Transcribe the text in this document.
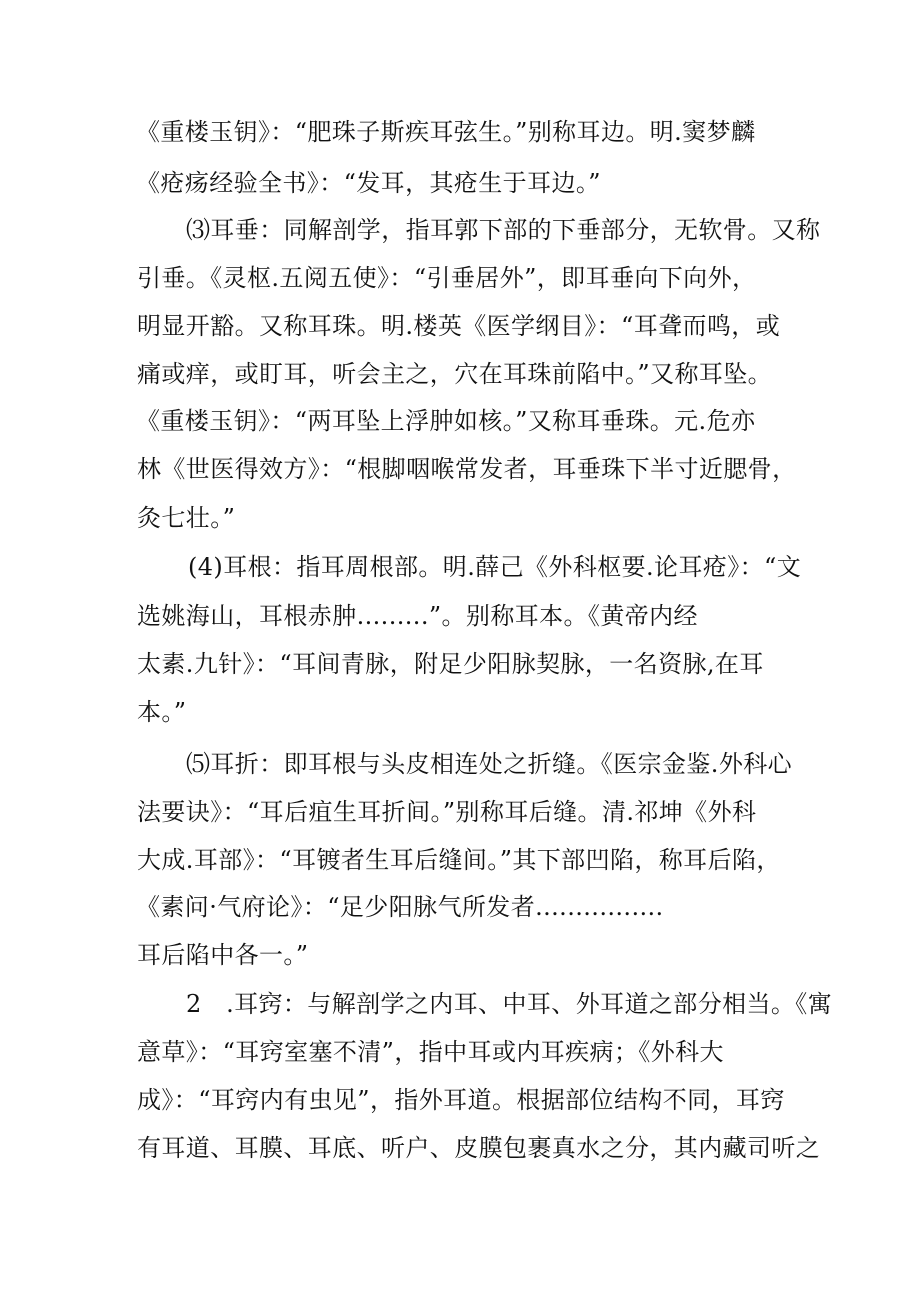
《重楼玉钥》：“肥珠子斯疾耳弦生。”别称耳边。明.窦梦麟
《疮疡经验全书》：“发耳，其疮生于耳边。”
⑶耳垂：同解剖学，指耳郭下部的下垂部分，无软骨。又称
引垂。《灵枢.五阅五使》：“引垂居外”，即耳垂向下向外，
明显开豁。又称耳珠。明.楼英《医学纲目》：“耳聋而鸣，或
痛或痒，或盯耳，听会主之，穴在耳珠前陷中。”又称耳坠。
《重楼玉钥》：“两耳坠上浮肿如核。”又称耳垂珠。元.危亦
林《世医得效方》：“根脚咽喉常发者，耳垂珠下半寸近腮骨，
灸七壮。”
(4)耳根：指耳周根部。明.薛己《外科枢要.论耳疮》：“文
选姚海山，耳根赤肿.........”。别称耳本。《黄帝内经
太素.九针》：“耳间青脉，附足少阳脉契脉，一名资脉,在耳
本。”
⑸耳折：即耳根与头皮相连处之折缝。《医宗金鉴.外科心
法要诀》：“耳后疽生耳折间。”别称耳后缝。清.祁坤《外科
大成.耳部》：“耳镀者生耳后缝间。”其下部凹陷，称耳后陷，
《素问·气府论》：“足少阳脉气所发者................
耳后陷中各一。”
2　.耳窍：与解剖学之内耳、中耳、外耳道之部分相当。《寓
意草》：“耳窍室塞不清”，指中耳或内耳疾病；《外科大
成》：“耳窍内有虫见”，指外耳道。根据部位结构不同，耳窍
有耳道、耳膜、耳底、听户、皮膜包裹真水之分，其内藏司听之
